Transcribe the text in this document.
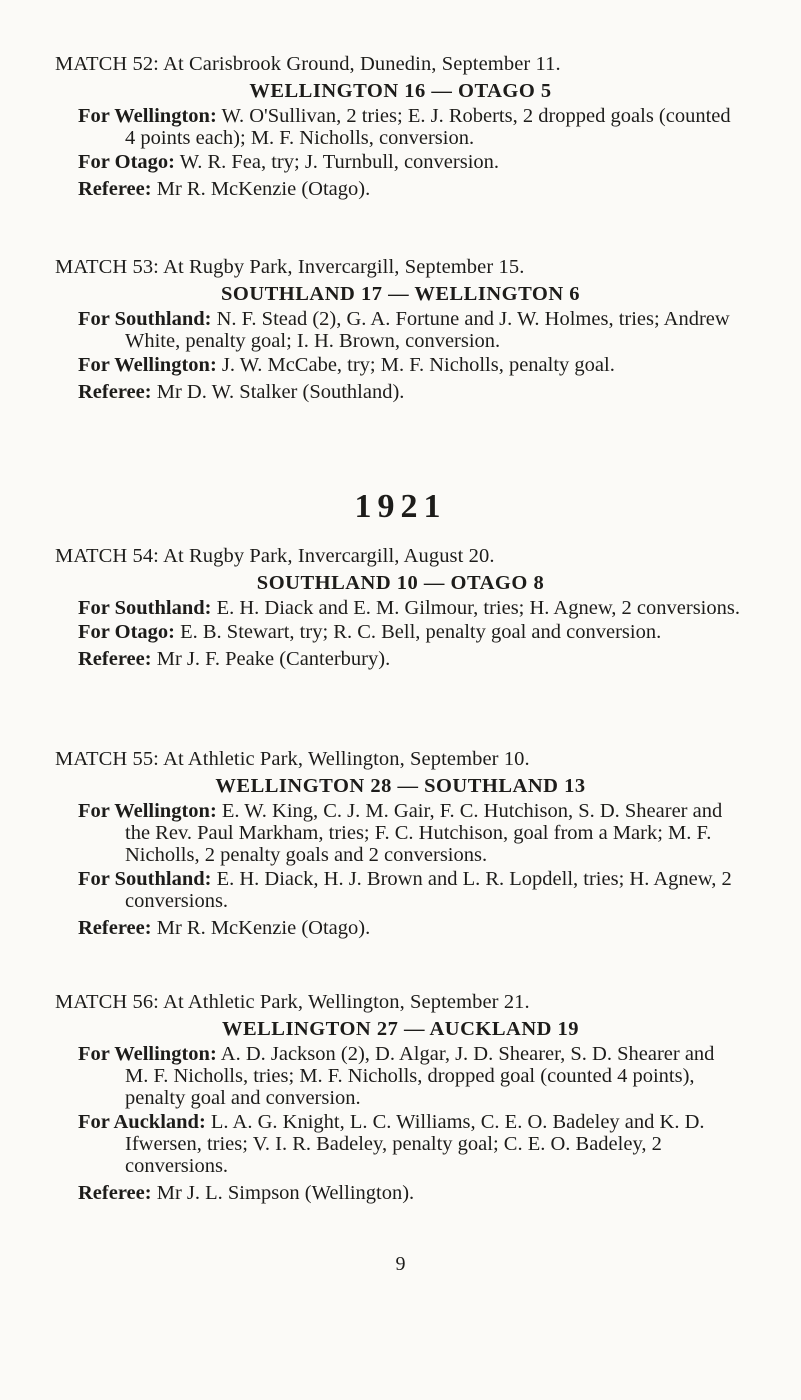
MATCH 52: At Carisbrook Ground, Dunedin, September 11.
WELLINGTON 16 — OTAGO 5
For Wellington: W. O'Sullivan, 2 tries; E. J. Roberts, 2 dropped goals (counted 4 points each); M. F. Nicholls, conversion.
For Otago: W. R. Fea, try; J. Turnbull, conversion.
Referee: Mr R. McKenzie (Otago).
MATCH 53: At Rugby Park, Invercargill, September 15.
SOUTHLAND 17 — WELLINGTON 6
For Southland: N. F. Stead (2), G. A. Fortune and J. W. Holmes, tries; Andrew White, penalty goal; I. H. Brown, conversion.
For Wellington: J. W. McCabe, try; M. F. Nicholls, penalty goal.
Referee: Mr D. W. Stalker (Southland).
1921
MATCH 54: At Rugby Park, Invercargill, August 20.
SOUTHLAND 10 — OTAGO 8
For Southland: E. H. Diack and E. M. Gilmour, tries; H. Agnew, 2 conversions.
For Otago: E. B. Stewart, try; R. C. Bell, penalty goal and conversion.
Referee: Mr J. F. Peake (Canterbury).
MATCH 55: At Athletic Park, Wellington, September 10.
WELLINGTON 28 — SOUTHLAND 13
For Wellington: E. W. King, C. J. M. Gair, F. C. Hutchison, S. D. Shearer and the Rev. Paul Markham, tries; F. C. Hutchison, goal from a Mark; M. F. Nicholls, 2 penalty goals and 2 conversions.
For Southland: E. H. Diack, H. J. Brown and L. R. Lopdell, tries; H. Agnew, 2 conversions.
Referee: Mr R. McKenzie (Otago).
MATCH 56: At Athletic Park, Wellington, September 21.
WELLINGTON 27 — AUCKLAND 19
For Wellington: A. D. Jackson (2), D. Algar, J. D. Shearer, S. D. Shearer and M. F. Nicholls, tries; M. F. Nicholls, dropped goal (counted 4 points), penalty goal and conversion.
For Auckland: L. A. G. Knight, L. C. Williams, C. E. O. Badeley and K. D. Ifwersen, tries; V. I. R. Badeley, penalty goal; C. E. O. Badeley, 2 conversions.
Referee: Mr J. L. Simpson (Wellington).
9
